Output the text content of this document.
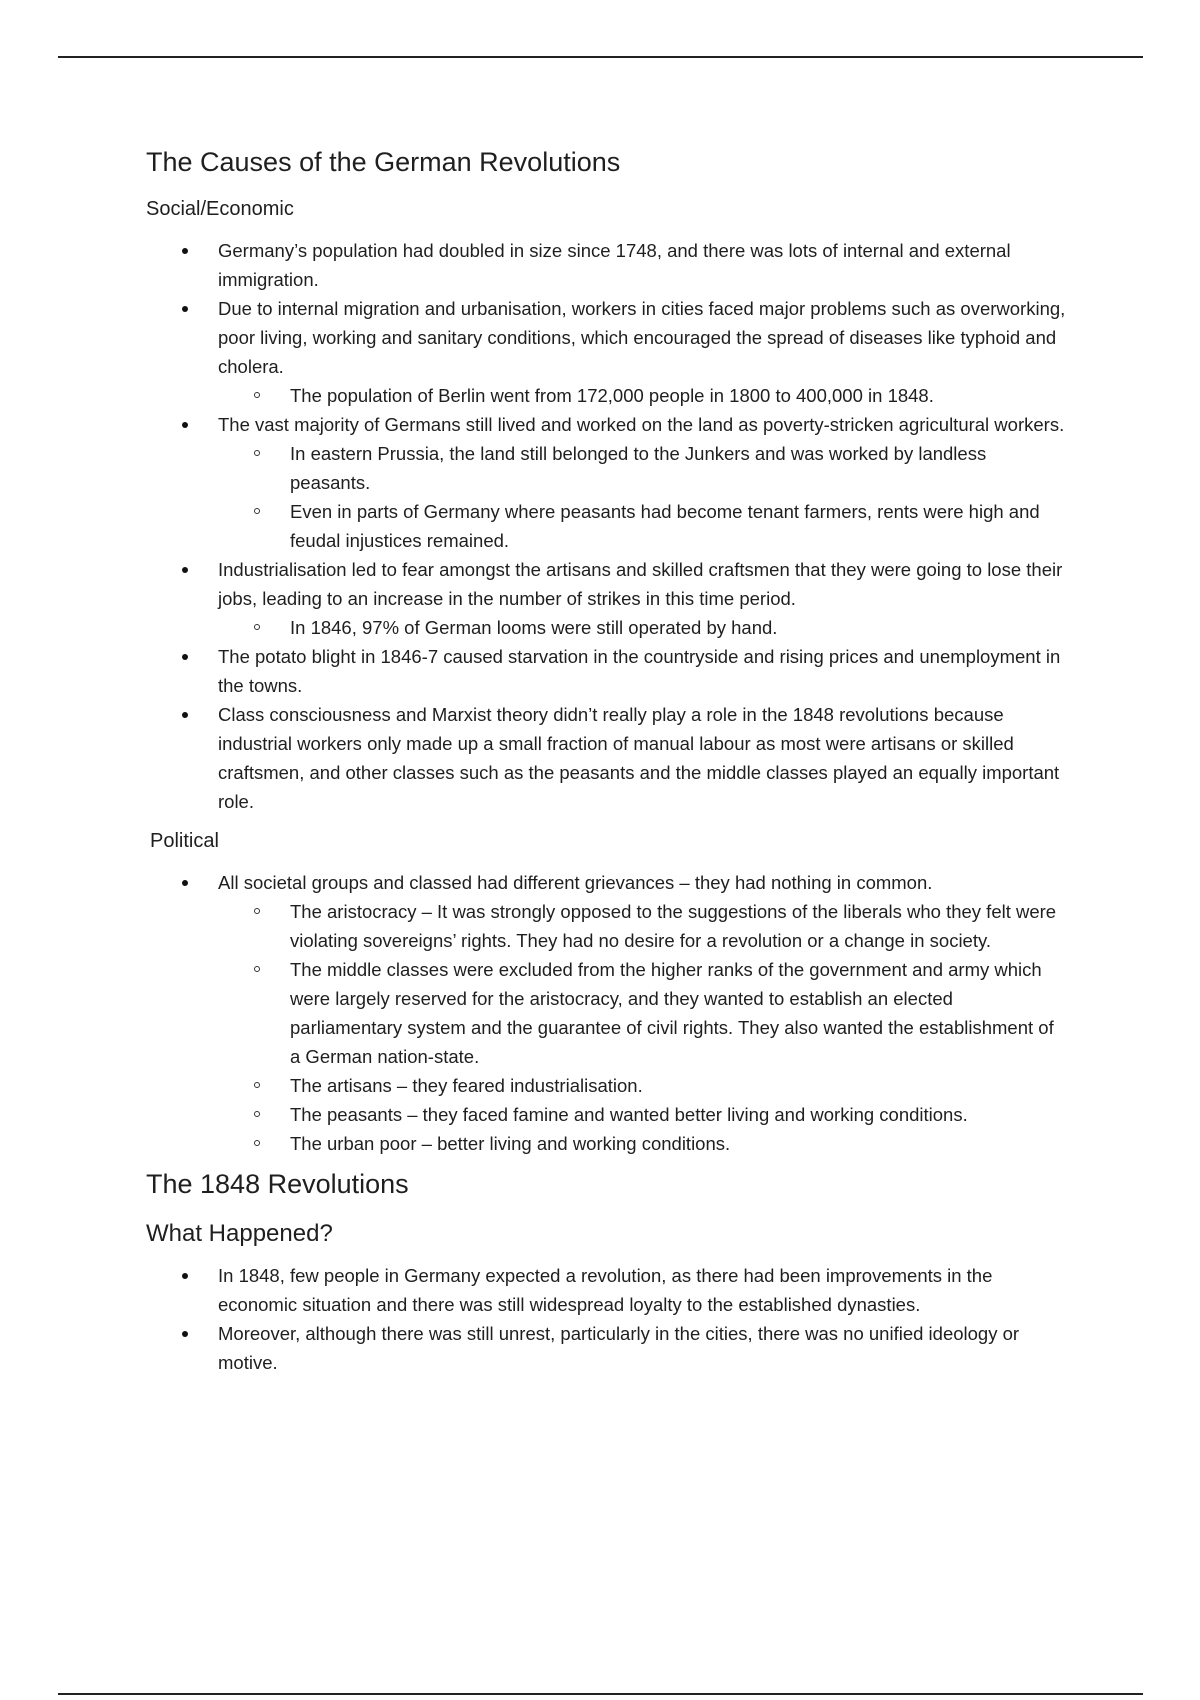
The Causes of the German Revolutions
Social/Economic
Germany’s population had doubled in size since 1748, and there was lots of internal and external immigration.
Due to internal migration and urbanisation, workers in cities faced major problems such as overworking, poor living, working and sanitary conditions, which encouraged the spread of diseases like typhoid and cholera.
The population of Berlin went from 172,000 people in 1800 to 400,000 in 1848.
The vast majority of Germans still lived and worked on the land as poverty-stricken agricultural workers.
In eastern Prussia, the land still belonged to the Junkers and was worked by landless peasants.
Even in parts of Germany where peasants had become tenant farmers, rents were high and feudal injustices remained.
Industrialisation led to fear amongst the artisans and skilled craftsmen that they were going to lose their jobs, leading to an increase in the number of strikes in this time period.
In 1846, 97% of German looms were still operated by hand.
The potato blight in 1846-7 caused starvation in the countryside and rising prices and unemployment in the towns.
Class consciousness and Marxist theory didn’t really play a role in the 1848 revolutions because industrial workers only made up a small fraction of manual labour as most were artisans or skilled craftsmen, and other classes such as the peasants and the middle classes played an equally important role.
Political
All societal groups and classed had different grievances – they had nothing in common.
The aristocracy – It was strongly opposed to the suggestions of the liberals who they felt were violating sovereigns’ rights. They had no desire for a revolution or a change in society.
The middle classes were excluded from the higher ranks of the government and army which were largely reserved for the aristocracy, and they wanted to establish an elected parliamentary system and the guarantee of civil rights. They also wanted the establishment of a German nation-state.
The artisans – they feared industrialisation.
The peasants – they faced famine and wanted better living and working conditions.
The urban poor – better living and working conditions.
The 1848 Revolutions
What Happened?
In 1848, few people in Germany expected a revolution, as there had been improvements in the economic situation and there was still widespread loyalty to the established dynasties.
Moreover, although there was still unrest, particularly in the cities, there was no unified ideology or motive.
